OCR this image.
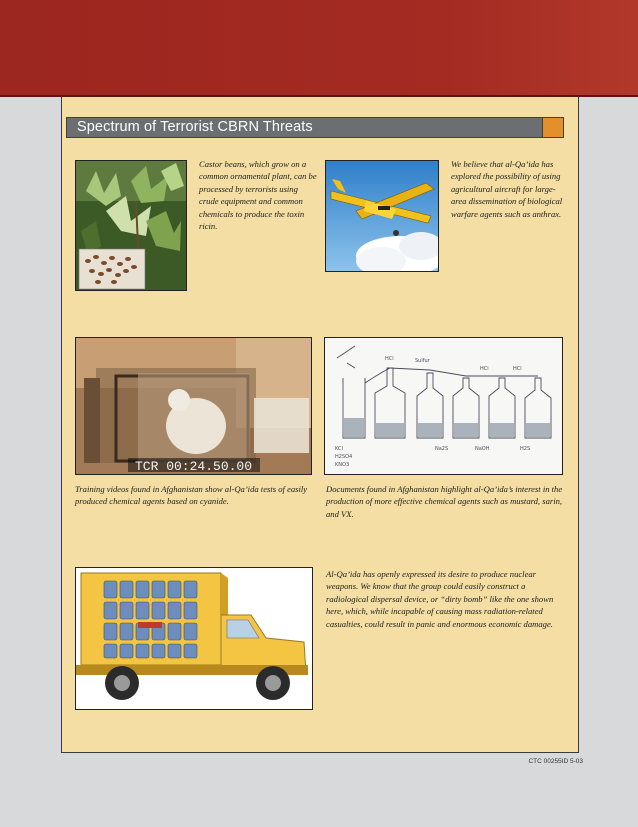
Spectrum of Terrorist CBRN Threats
Castor beans, which grow on a common ornamental plant, can be processed by terrorists using crude equipment and common chemicals to produce the toxin ricin.
We believe that al-Qa’ida has explored the possibility of using agricultural aircraft for large-area dissemination of biological warfare agents such as anthrax.
TCR 00:24.50.00
Training videos found in Afghanistan show al-Qa’ida tests of easily produced chemical agents based on cyanide.
HCl	Sulfur
HCl	HCl
KCl
H2SO4
KNO3
Na2S	NaOH	H2S
Documents found in Afghanistan highlight al-Qa’ida’s interest in the production of more effective chemical agents such as mustard, sarin, and VX.
Al-Qa’ida has openly expressed its desire to produce nuclear weapons. We know that the group could easily construct a radiological dispersal device, or “dirty bomb” like the one shown here, which, while incapable of causing mass radiation-related casualties, could result in panic and enormous economic damage.
CTC 00255ID 5-03
